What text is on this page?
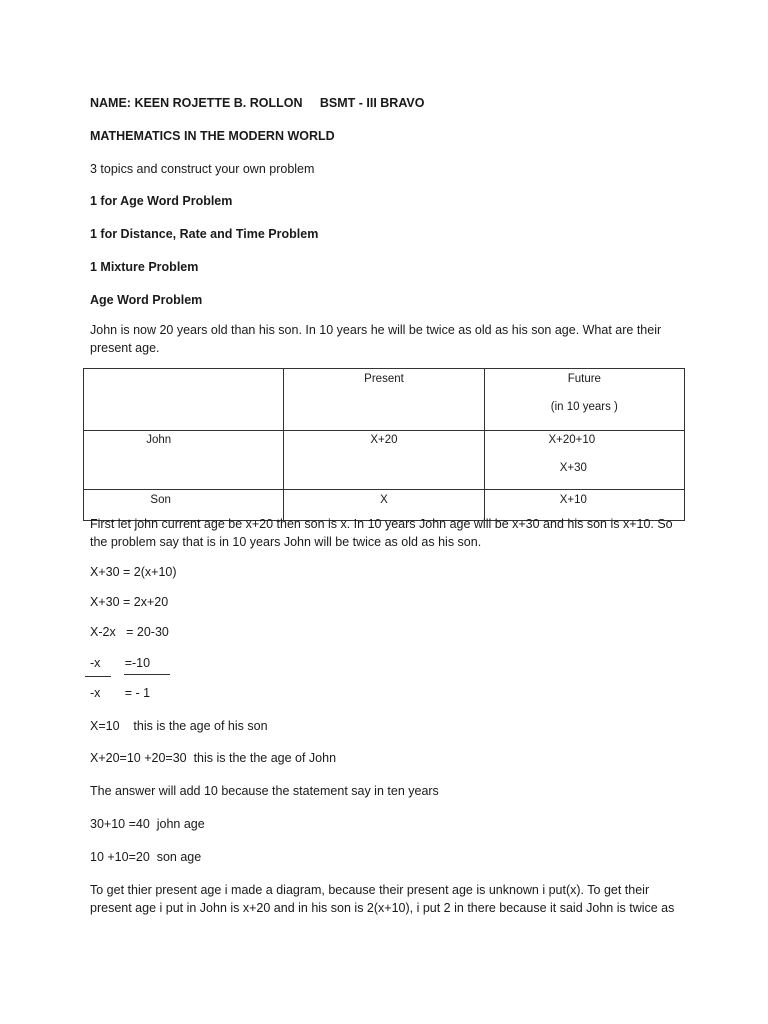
NAME: KEEN ROJETTE B. ROLLON     BSMT - III BRAVO

MATHEMATICS IN THE MODERN WORLD

3 topics and construct your own problem

1 for Age Word Problem

1 for Distance, Rate and Time Problem

1 Mixture Problem

Age Word Problem

John is now 20 years old than his son. In 10 years he will be twice as old as his son age. What are their present age.

	Present	Future
(in 10 years )

John	X+20	X+20+10
X+30

Son	X	X+10

First let john current age be x+20 then son is x. In 10 years John age will be x+30 and his son is x+10. So the problem say that is in 10 years John will be twice as old as his son.

X+30 = 2(x+10)

X+30 = 2x+20

X-2x   = 20-30

-x       =-10

-x       = - 1

X=10    this is the age of his son

X+20=10 +20=30  this is the the age of John

The answer will add 10 because the statement say in ten years

30+10 =40  john age

10 +10=20  son age

To get thier present age i made a diagram, because their present age is unknown i put(x). To get their present age i put in John is x+20 and in his son is 2(x+10), i put 2 in there because it said John is twice as
